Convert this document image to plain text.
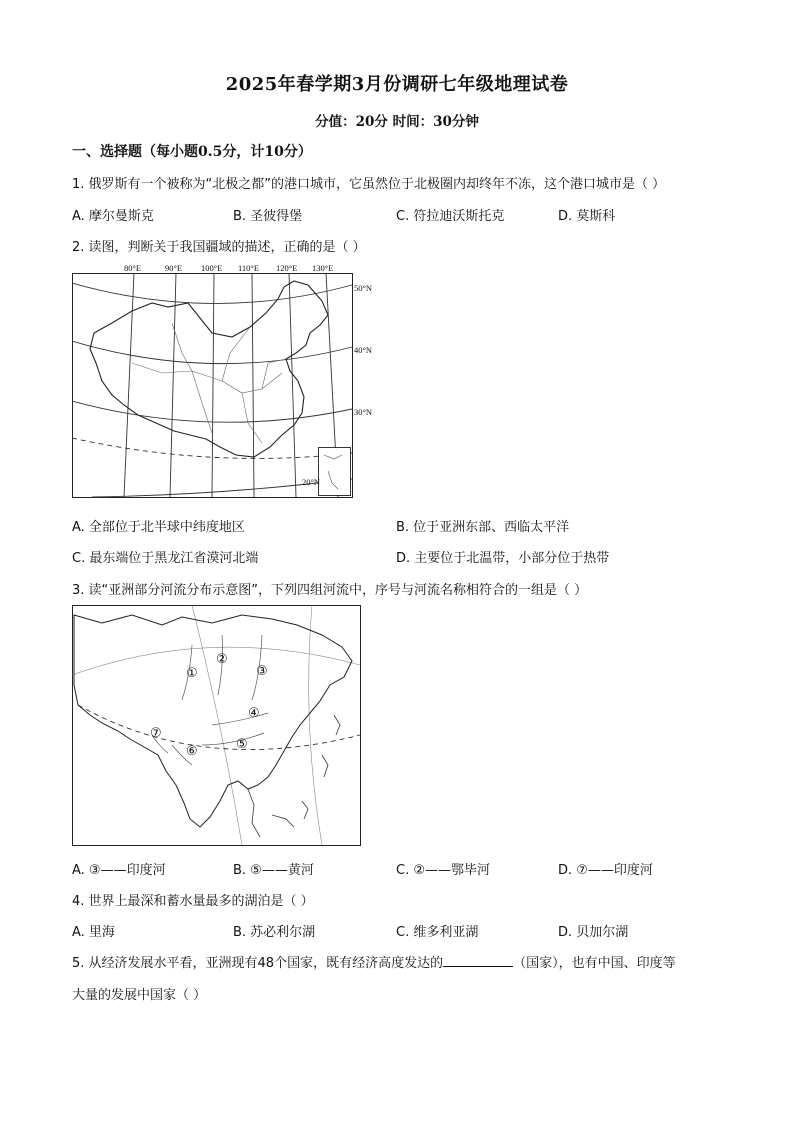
2025年春学期3月份调研七年级地理试卷
分值：20分 时间：30分钟
一、选择题（每小题0.5分，计10分）
1. 俄罗斯有一个被称为“北极之都”的港口城市，它虽然位于北极圈内却终年不冻，这个港口城市是（ ）
A. 摩尔曼斯克	B. 圣彼得堡	C. 符拉迪沃斯托克	D. 莫斯科
2. 读图，判断关于我国疆域的描述，正确的是（ ）
80°E	90°E 100°E 110°E 120°E 130°E
50°N
40°N
30°N
20°N
A. 全部位于北半球中纬度地区	B. 位于亚洲东部、西临太平洋
C. 最东端位于黑龙江省漠河北端	D. 主要位于北温带，小部分位于热带
3. 读“亚洲部分河流分布示意图”，下列四组河流中，序号与河流名称相符合的一组是（ ）
①
②
③
④
⑤
⑥
⑦
A. ③——印度河	B. ⑤——黄河	C. ②——鄂毕河	D. ⑦——印度河
4. 世界上最深和蓄水量最多的湖泊是（ ）
A. 里海	B. 苏必利尔湖	C. 维多利亚湖	D. 贝加尔湖
5. 从经济发展水平看，亚洲现有48个国家，既有经济高度发达的	（国家），也有中国、印度等
大量的发展中国家（ ）
